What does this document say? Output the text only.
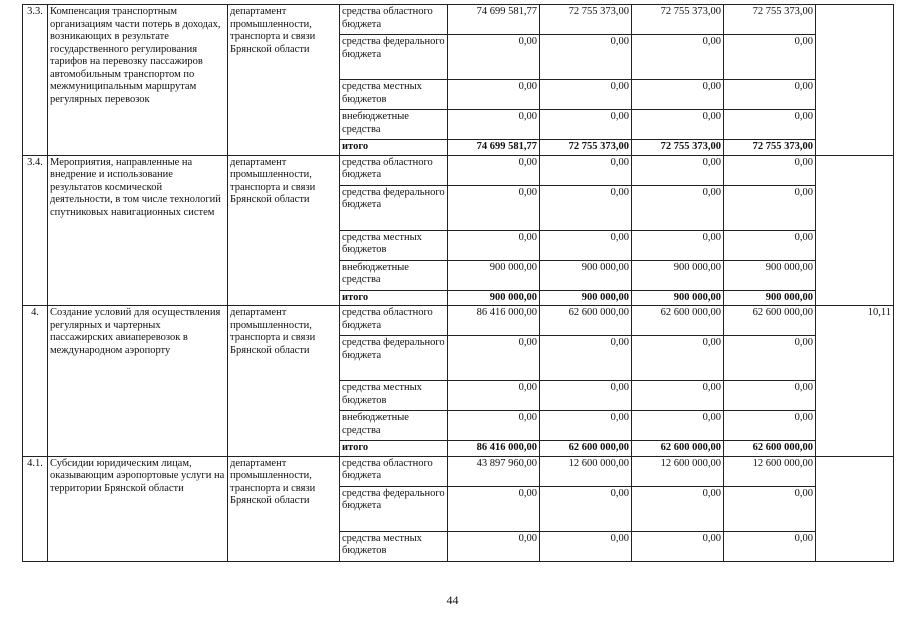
3.3.	Компенсация транспортным организациям части потерь в доходах, возникающих в результате государственного регулирования тарифов на перевозку пассажиров автомобильным транспортом по межмуниципальным маршрутам регулярных перевозок	департамент промышленности, транспорта и связи Брянской области	средства областного бюджета	74 699 581,77	72 755 373,00	72 755 373,00	72 755 373,00	
			средства федерального бюджета	0,00	0,00	0,00	0,00	
			средства местных бюджетов	0,00	0,00	0,00	0,00	
			внебюджетные средства	0,00	0,00	0,00	0,00	
			итого	74 699 581,77	72 755 373,00	72 755 373,00	72 755 373,00	
3.4.	Мероприятия, направленные на внедрение и использование результатов космической деятельности, в том числе технологий спутниковых навигационных систем	департамент промышленности, транспорта и связи Брянской области	средства областного бюджета	0,00	0,00	0,00	0,00	
			средства федерального бюджета	0,00	0,00	0,00	0,00	
			средства местных бюджетов	0,00	0,00	0,00	0,00	
			внебюджетные средства	900 000,00	900 000,00	900 000,00	900 000,00	
			итого	900 000,00	900 000,00	900 000,00	900 000,00	
4.	Создание условий для осуществления регулярных и чартерных пассажирских авиаперевозок в международном аэропорту	департамент промышленности, транспорта и связи Брянской области	средства областного бюджета	86 416 000,00	62 600 000,00	62 600 000,00	62 600 000,00	10,11
			средства федерального бюджета	0,00	0,00	0,00	0,00	
			средства местных бюджетов	0,00	0,00	0,00	0,00	
			внебюджетные средства	0,00	0,00	0,00	0,00	
			итого	86 416 000,00	62 600 000,00	62 600 000,00	62 600 000,00	
4.1.	Субсидии юридическим лицам, оказывающим аэропортовые услуги на территории Брянской области	департамент промышленности, транспорта и связи Брянской области	средства областного бюджета	43 897 960,00	12 600 000,00	12 600 000,00	12 600 000,00	
			средства федерального бюджета	0,00	0,00	0,00	0,00	
			средства местных бюджетов	0,00	0,00	0,00	0,00	
44
